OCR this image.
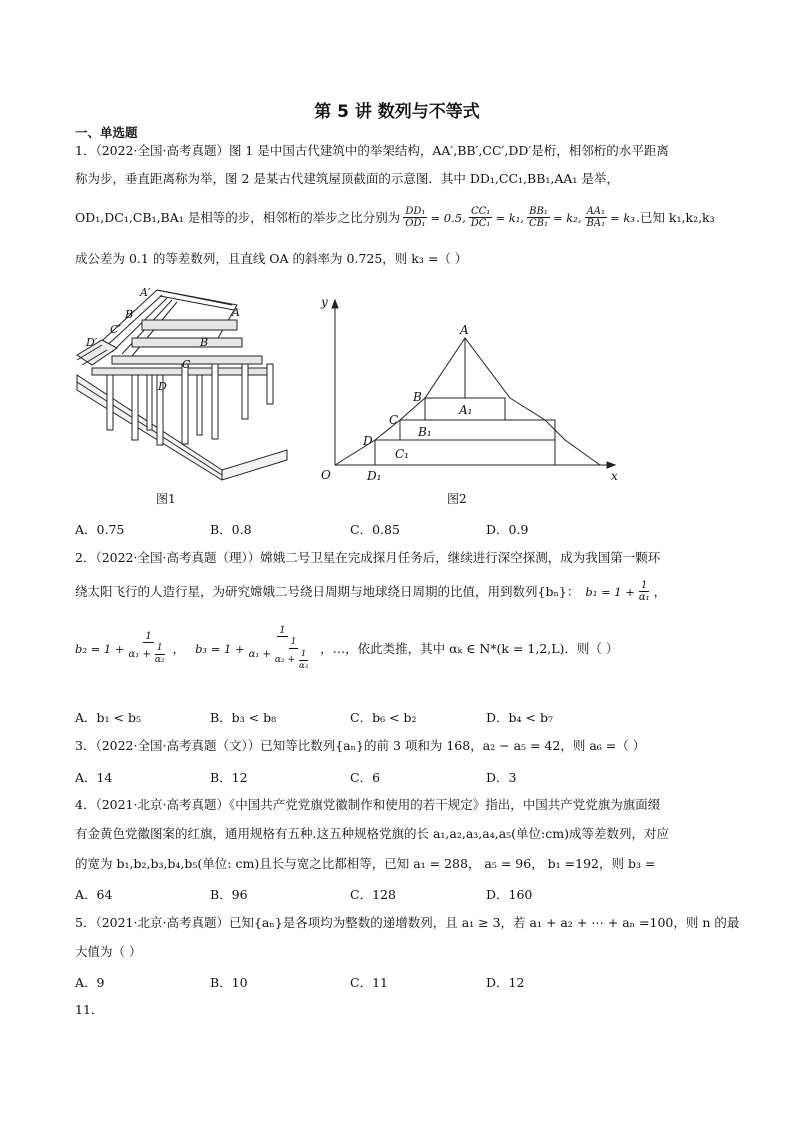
第 5 讲 数列与不等式
一、单选题
1．（2022·全国·高考真题）图 1 是中国古代建筑中的举架结构，AA′,BB′,CC′,DD′是桁，相邻桁的水平距离
称为步，垂直距离称为举，图 2 是某古代建筑屋顶截面的示意图．其中 DD₁,CC₁,BB₁,AA₁ 是举，
OD₁,DC₁,CB₁,BA₁ 是相等的步，相邻桁的举步之比分别为 $\frac{\text{DD₁}}{\text{OD₁}} = 0.5$, $\frac{\text{CC₁}}{\text{DC₁}} = k_1$, $\frac{\text{BB₁}}{\text{CB₁}} = k_2$, $\frac{\text{AA₁}}{\text{BA₁}} = k_3$ .已知 k₁,k₂,k₃
成公差为 0.1 的等差数列，且直线 OA 的斜率为 0.725，则 k₃ =（ ）
A′
A
B′
B
C′
C
D′
D
图1
y
x
O
A
A₁
B
B₁
C
C₁
D
D₁
图2
A．0.75	B．0.8	C．0.85	D．0.9
2．（2022·全国·高考真题（理））嫦娥二号卫星在完成探月任务后，继续进行深空探测，成为我国第一颗环
绕太阳飞行的人造行星，为研究嫦娥二号绕日周期与地球绕日周期的比值，用到数列{bₙ}： $b_1 = 1 + \frac{1}{\text{α₁}}$ ，
$b_2 = 1 + \frac{1}{\alpha_1 + \frac{1}{\text{α₂}}}$ ， b₃ = 1 +
1
$\alpha_1 + \frac{1}{\alpha_2 + \frac{1}{\text{α₃}}}$ ，…，依此类推，其中 αₖ ∈ N*(k = 1,2,L)．则（ ）
A．b₁ < b₅	B．b₃ < b₈	C．b₆ < b₂	D．b₄ < b₇
3．（2022·全国·高考真题（文））已知等比数列{aₙ}的前 3 项和为 168，a₂ − a₅ = 42，则 a₆ =（ ）
A．14	B．12	C．6	D．3
4．（2021·北京·高考真题）《中国共产党党旗党徽制作和使用的若干规定》指出，中国共产党党旗为旗面缀
有金黄色党徽图案的红旗，通用规格有五种.这五种规格党旗的长 a₁,a₂,a₃,a₄,a₅(单位:cm)成等差数列，对应
的宽为 b₁,b₂,b₃,b₄,b₅(单位: cm)且长与宽之比都相等，已知 a₁ = 288， a₅ = 96， b₁ =192，则 b₃ =
A．64	B．96	C．128	D．160
5．（2021·北京·高考真题）已知{aₙ}是各项均为整数的递增数列，且 a₁ ≥ 3，若 a₁ + a₂ + ⋯ + aₙ =100，则 n 的最
大值为（ ）
A．9	B．10	C．11	D．12
11．
